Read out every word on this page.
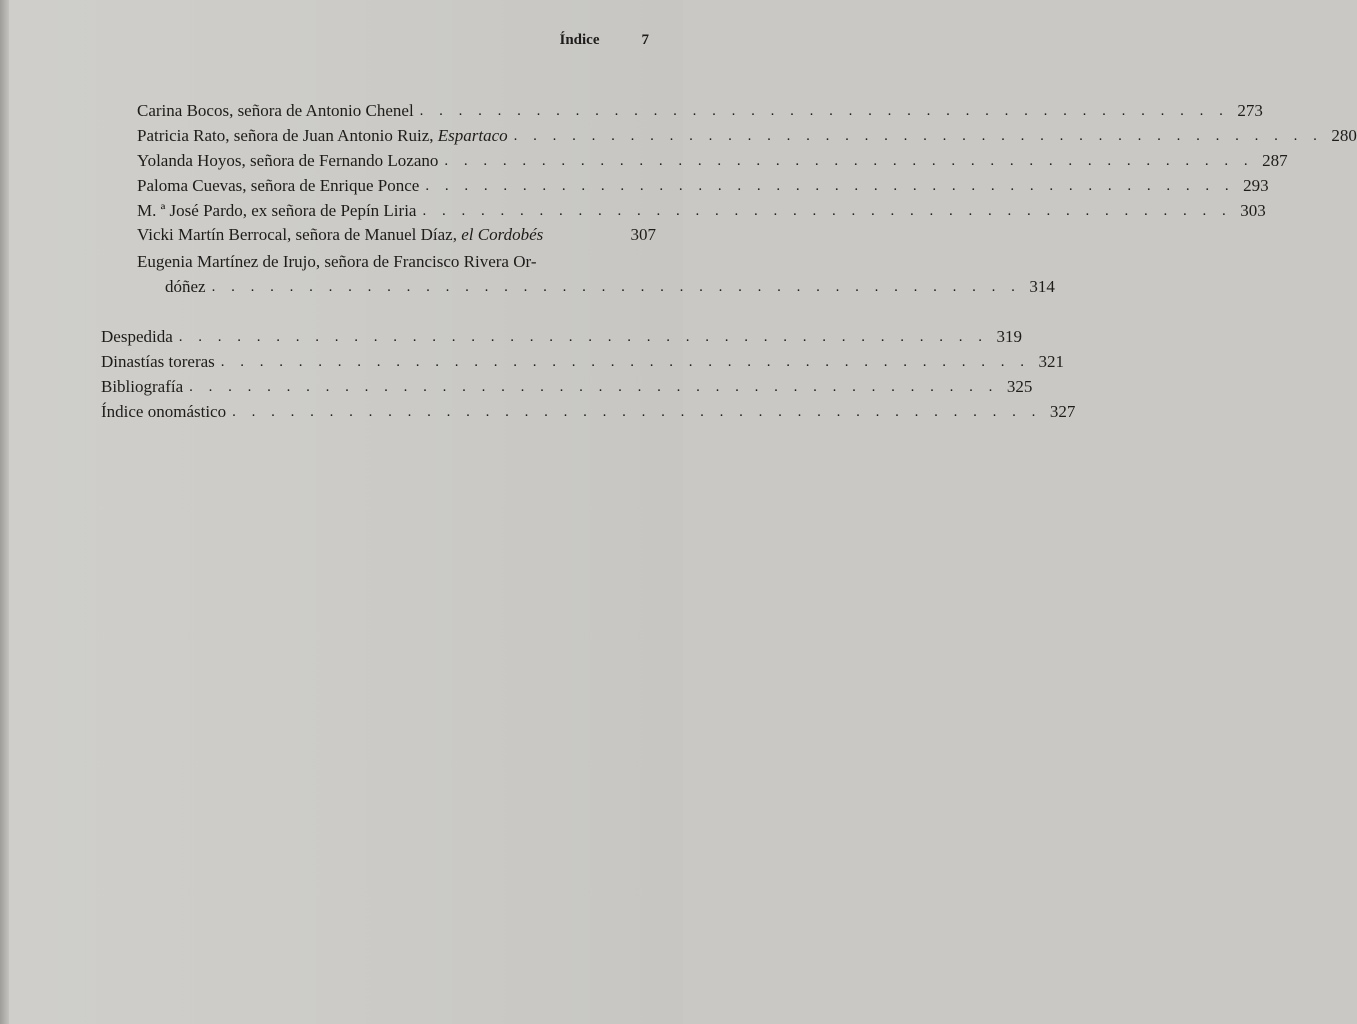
Índice	7
Carina Bocos, señora de Antonio Chenel . . . . . . . . . . . . . . . . . . . . . . . . . . . . . . . . . . . . . . . . . . 273
Patricia Rato, señora de Juan Antonio Ruiz, Espartaco . . . . . . . . . . . . . . . . . . . . . . . . . . . . . . . . . . . . . . . . . . 280
Yolanda Hoyos, señora de Fernando Lozano . . . . . . . . . . . . . . . . . . . . . . . . . . . . . . . . . . . . . . . . . . 287
Paloma Cuevas, señora de Enrique Ponce . . . . . . . . . . . . . . . . . . . . . . . . . . . . . . . . . . . . . . . . . . 293
M. ª José Pardo, ex señora de Pepín Liria . . . . . . . . . . . . . . . . . . . . . . . . . . . . . . . . . . . . . . . . . . 303
Vicki Martín Berrocal, señora de Manuel Díaz, el Cordobés	307
Eugenia Martínez de Irujo, señora de Francisco Rivera Or-
dóñez . . . . . . . . . . . . . . . . . . . . . . . . . . . . . . . . . . . . . . . . . . 314
Despedida . . . . . . . . . . . . . . . . . . . . . . . . . . . . . . . . . . . . . . . . . . 319
Dinastías toreras . . . . . . . . . . . . . . . . . . . . . . . . . . . . . . . . . . . . . . . . . . 321
Bibliografía . . . . . . . . . . . . . . . . . . . . . . . . . . . . . . . . . . . . . . . . . . 325
Índice onomástico . . . . . . . . . . . . . . . . . . . . . . . . . . . . . . . . . . . . . . . . . . 327
